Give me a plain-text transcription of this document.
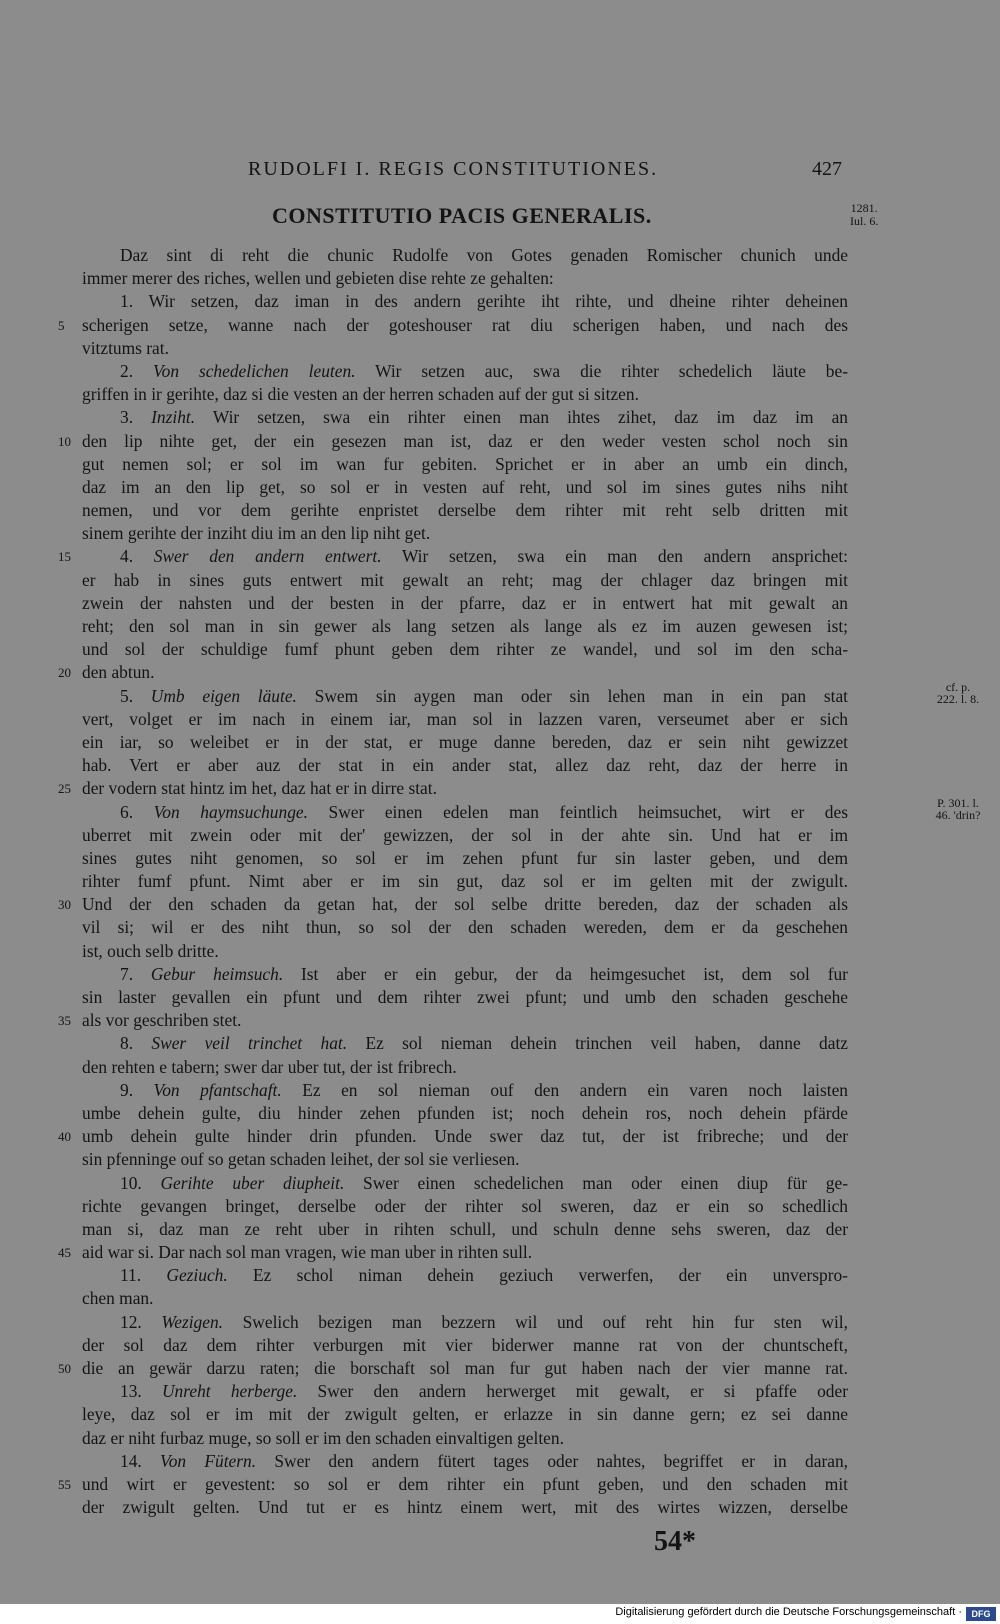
RUDOLFI I. REGIS CONSTITUTIONES.	427
CONSTITUTIO PACIS GENERALIS.	1281.
Iul. 6.
Daz sint di reht die chunic Rudolfe von Gotes genaden Romischer chunich unde
immer merer des riches, wellen und gebieten dise rehte ze gehalten:
1. Wir setzen, daz iman in des andern gerihte iht rihte, und dheine rihter deheinen
5	scherigen setze, wanne nach der goteshouser rat diu scherigen haben, und nach des
vitztums rat.
2. Von schedelichen leuten. Wir setzen auc, swa die rihter schedelich läute be-
griffen in ir gerihte, daz si die vesten an der herren schaden auf der gut si sitzen.
3. Inziht. Wir setzen, swa ein rihter einen man ihtes zihet, daz im daz im an
10 den lip nihte get, der ein gesezen man ist, daz er den weder vesten schol noch sin
gut nemen sol; er sol im wan fur gebiten. Sprichet er in aber an umb ein dinch,
daz im an den lip get, so sol er in vesten auf reht, und sol im sines gutes nihs niht
nemen, und vor dem gerihte enpristet derselbe dem rihter mit reht selb dritten mit
sinem gerihte der inziht diu im an den lip niht get.
15	4. Swer den andern entwert. Wir setzen, swa ein man den andern ansprichet:
er hab in sines guts entwert mit gewalt an reht; mag der chlager daz bringen mit
zwein der nahsten und der besten in der pfarre, daz er in entwert hat mit gewalt an
reht; den sol man in sin gewer als lang setzen als lange als ez im auzen gewesen ist;
und sol der schuldige fumf phunt geben dem rihter ze wandel, und sol im den scha-
20 den abtun.
5. Umb eigen läute. Swem sin aygen man oder sin lehen man in ein pan stat
vert, volget er im nach in einem iar, man sol in lazzen varen, verseumet aber er sich
ein iar, so weleibet er in der stat, er muge danne bereden, daz er sein niht gewizzet
hab. Vert er aber auz der stat in ein ander stat, allez daz reht, daz der herre in
25 der vodern stat hintz im het, daz hat er in dirre stat.
6. Von haymsuchunge. Swer einen edelen man feintlich heimsuchet, wirt er des
uberret mit zwein oder mit der' gewizzen, der sol in der ahte sin. Und hat er im
sines gutes niht genomen, so sol er im zehen pfunt fur sin laster geben, und dem
rihter fumf pfunt. Nimt aber er im sin gut, daz sol er im gelten mit der zwigult.
30 Und der den schaden da getan hat, der sol selbe dritte bereden, daz der schaden als
vil si; wil er des niht thun, so sol der den schaden wereden, dem er da geschehen
ist, ouch selb dritte.
7. Gebur heimsuch. Ist aber er ein gebur, der da heimgesuchet ist, dem sol fur
sin laster gevallen ein pfunt und dem rihter zwei pfunt; und umb den schaden geschehe
35 als vor geschriben stet.
8. Swer veil trinchet hat. Ez sol nieman dehein trinchen veil haben, danne datz
den rehten e tabern; swer dar uber tut, der ist fribrech.
9. Von pfantschaft. Ez en sol nieman ouf den andern ein varen noch laisten
umbe dehein gulte, diu hinder zehen pfunden ist; noch dehein ros, noch dehein pfärde
40 umb dehein gulte hinder drin pfunden. Unde swer daz tut, der ist fribreche; und der
sin pfenninge ouf so getan schaden leihet, der sol sie verliesen.
10. Gerihte uber diupheit. Swer einen schedelichen man oder einen diup für ge-
richte gevangen bringet, derselbe oder der rihter sol sweren, daz er ein so schedlich
man si, daz man ze reht uber in rihten schull, und schuln denne sehs sweren, daz der
45 aid war si. Dar nach sol man vragen, wie man uber in rihten sull.
11. Geziuch. Ez schol niman dehein geziuch verwerfen, der ein unverspro-
chen man.
12. Wezigen. Swelich bezigen man bezzern wil und ouf reht hin fur sten wil,
der sol daz dem rihter verburgen mit vier biderwer manne rat von der chuntscheft,
50 die an gewär darzu raten; die borschaft sol man fur gut haben nach der vier manne rat.
13. Unreht herberge. Swer den andern herwerget mit gewalt, er si pfaffe oder
leye, daz sol er im mit der zwigult gelten, er erlazze in sin danne gern; ez sei danne
daz er niht furbaz muge, so soll er im den schaden einvaltigen gelten.
14. Von Fütern. Swer den andern fütert tages oder nahtes, begriffet er in daran,
55 und wirt er gevestent: so sol er dem rihter ein pfunt geben, und den schaden mit
der zwigult gelten. Und tut er es hintz einem wert, mit des wirtes wizzen, derselbe
cf. p. 222. l. 8.
P. 301. l. 46. 'drin?
54*
Digitalisierung gefördert durch die Deutsche Forschungsgemeinschaft ·	DFG
